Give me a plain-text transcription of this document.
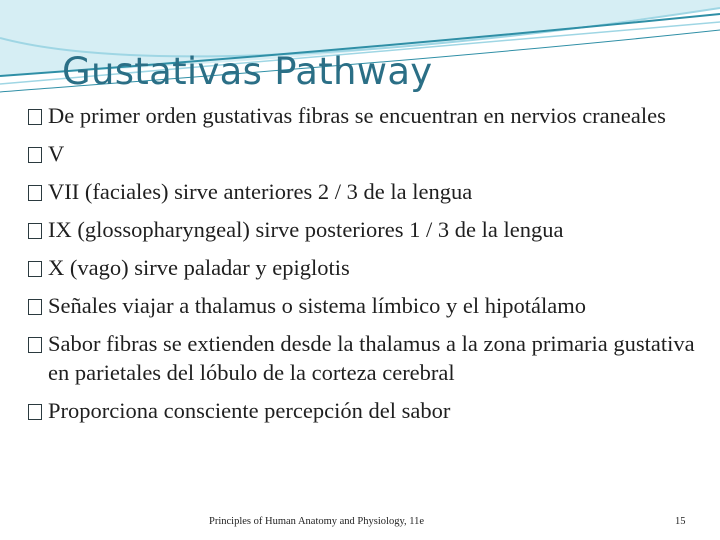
Gustativas Pathway
De primer orden gustativas fibras se encuentran en nervios craneales
V
VII (faciales) sirve anteriores 2 / 3 de la lengua
IX (glossopharyngeal) sirve posteriores 1 / 3 de la lengua
X (vago) sirve paladar y epiglotis
Señales viajar a thalamus o sistema límbico y el hipotálamo
Sabor fibras se extienden desde la thalamus a la zona primaria gustativa en parietales del lóbulo de la corteza cerebral
Proporciona consciente percepción del sabor
Principles of Human Anatomy and Physiology, 11e	15
